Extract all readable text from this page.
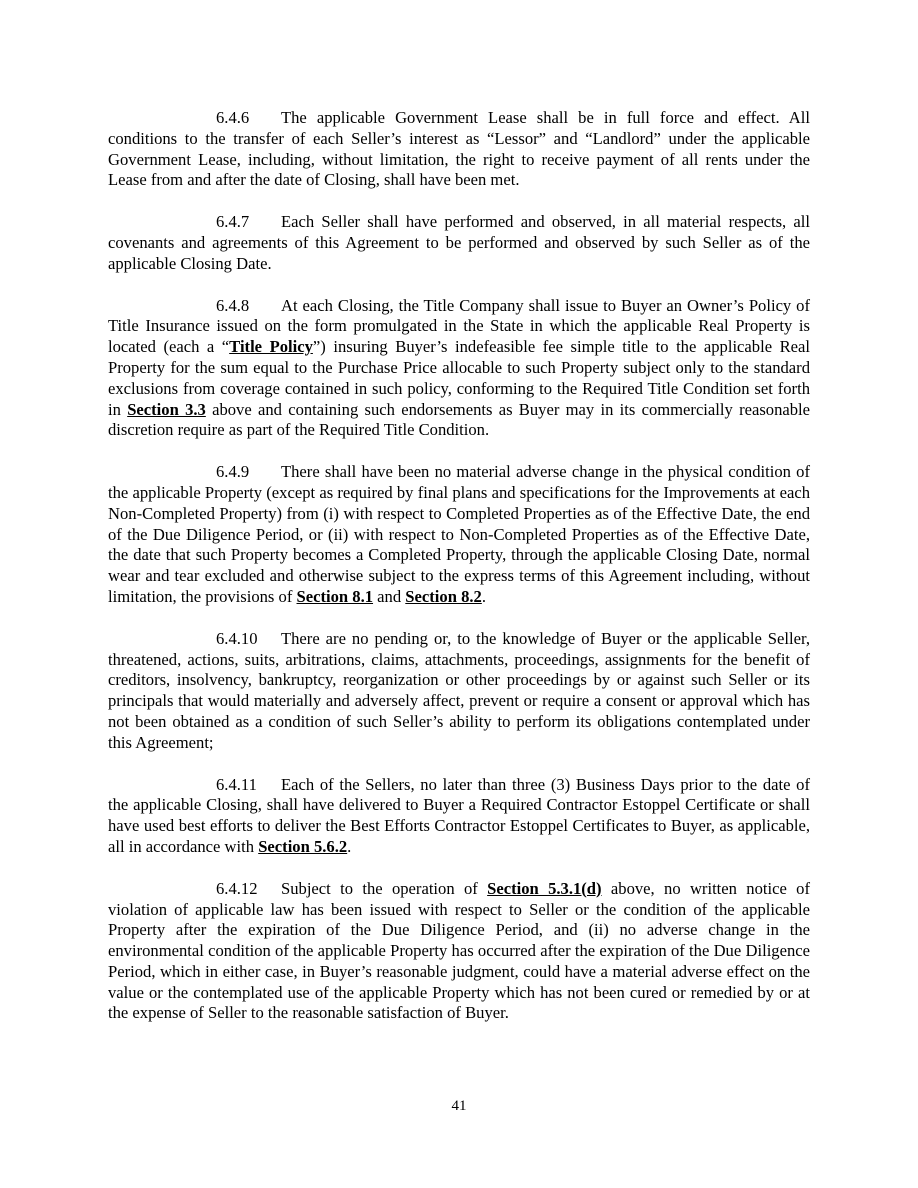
6.4.6 The applicable Government Lease shall be in full force and effect. All conditions to the transfer of each Seller’s interest as “Lessor” and “Landlord” under the applicable Government Lease, including, without limitation, the right to receive payment of all rents under the Lease from and after the date of Closing, shall have been met.

6.4.7 Each Seller shall have performed and observed, in all material respects, all covenants and agreements of this Agreement to be performed and observed by such Seller as of the applicable Closing Date.

6.4.8 At each Closing, the Title Company shall issue to Buyer an Owner’s Policy of Title Insurance issued on the form promulgated in the State in which the applicable Real Property is located (each a “Title Policy”) insuring Buyer’s indefeasible fee simple title to the applicable Real Property for the sum equal to the Purchase Price allocable to such Property subject only to the standard exclusions from coverage contained in such policy, conforming to the Required Title Condition set forth in Section 3.3 above and containing such endorsements as Buyer may in its commercially reasonable discretion require as part of the Required Title Condition.

6.4.9 There shall have been no material adverse change in the physical condition of the applicable Property (except as required by final plans and specifications for the Improvements at each Non-Completed Property) from (i) with respect to Completed Properties as of the Effective Date, the end of the Due Diligence Period, or (ii) with respect to Non-Completed Properties as of the Effective Date, the date that such Property becomes a Completed Property, through the applicable Closing Date, normal wear and tear excluded and otherwise subject to the express terms of this Agreement including, without limitation, the provisions of Section 8.1 and Section 8.2.

6.4.10 There are no pending or, to the knowledge of Buyer or the applicable Seller, threatened, actions, suits, arbitrations, claims, attachments, proceedings, assignments for the benefit of creditors, insolvency, bankruptcy, reorganization or other proceedings by or against such Seller or its principals that would materially and adversely affect, prevent or require a consent or approval which has not been obtained as a condition of such Seller’s ability to perform its obligations contemplated under this Agreement;

6.4.11 Each of the Sellers, no later than three (3) Business Days prior to the date of the applicable Closing, shall have delivered to Buyer a Required Contractor Estoppel Certificate or shall have used best efforts to deliver the Best Efforts Contractor Estoppel Certificates to Buyer, as applicable, all in accordance with Section 5.6.2.

6.4.12 Subject to the operation of Section 5.3.1(d) above, no written notice of violation of applicable law has been issued with respect to Seller or the condition of the applicable Property after the expiration of the Due Diligence Period, and (ii) no adverse change in the environmental condition of the applicable Property has occurred after the expiration of the Due Diligence Period, which in either case, in Buyer’s reasonable judgment, could have a material adverse effect on the value or the contemplated use of the applicable Property which has not been cured or remedied by or at the expense of Seller to the reasonable satisfaction of Buyer.

41
